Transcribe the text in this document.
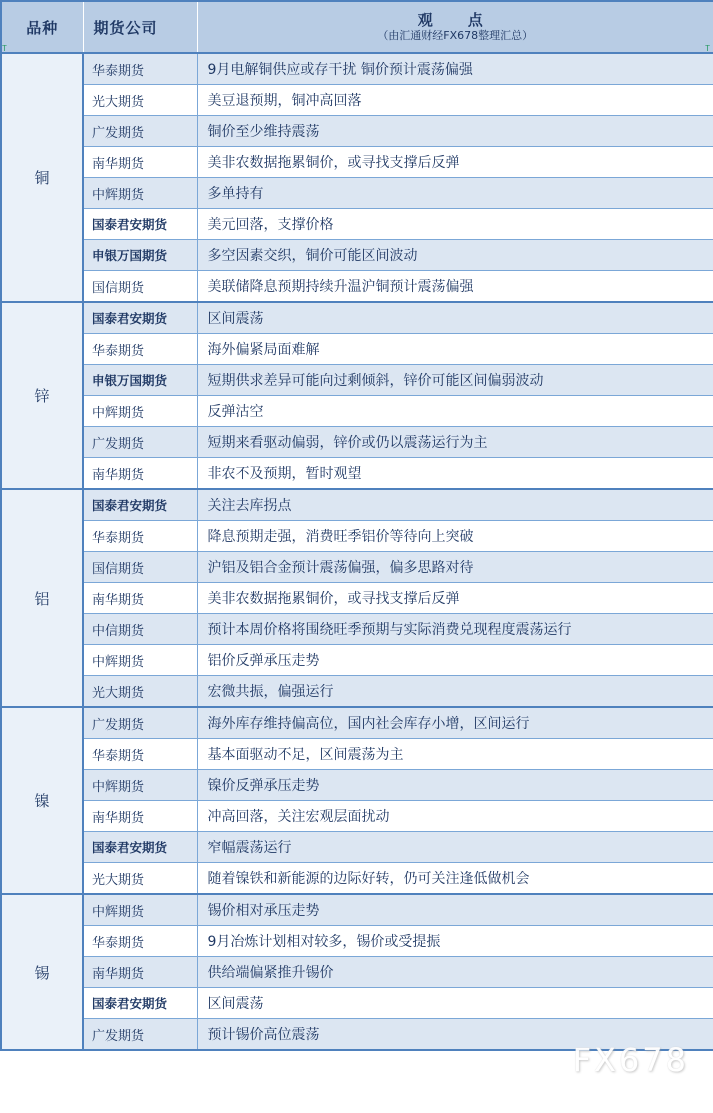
T	T
品种	期货公司	观　点
（由汇通财经FX678整理汇总）

铜	华泰期货	9月电解铜供应或存干扰 铜价预计震荡偏强
	光大期货	美豆退预期，铜冲高回落
	广发期货	铜价至少维持震荡
	南华期货	美非农数据拖累铜价，或寻找支撑后反弹
	中辉期货	多单持有
	国泰君安期货	美元回落，支撑价格
	申银万国期货	多空因素交织，铜价可能区间波动
	国信期货	美联储降息预期持续升温沪铜预计震荡偏强
锌	国泰君安期货	区间震荡
	华泰期货	海外偏紧局面难解
	申银万国期货	短期供求差异可能向过剩倾斜，锌价可能区间偏弱波动
	中辉期货	反弹沽空
	广发期货	短期来看驱动偏弱，锌价或仍以震荡运行为主
	南华期货	非农不及预期，暂时观望
铝	国泰君安期货	关注去库拐点
	华泰期货	降息预期走强，消费旺季铝价等待向上突破
	国信期货	沪铝及铝合金预计震荡偏强，偏多思路对待
	南华期货	美非农数据拖累铜价，或寻找支撑后反弹
	中信期货	预计本周价格将围绕旺季预期与实际消费兑现程度震荡运行
	中辉期货	铝价反弹承压走势
	光大期货	宏微共振，偏强运行
镍	广发期货	海外库存维持偏高位，国内社会库存小增，区间运行
	华泰期货	基本面驱动不足，区间震荡为主
	中辉期货	镍价反弹承压走势
	南华期货	冲高回落，关注宏观层面扰动
	国泰君安期货	窄幅震荡运行
	光大期货	随着镍铁和新能源的边际好转，仍可关注逢低做机会
锡	中辉期货	锡价相对承压走势
	华泰期货	9月冶炼计划相对较多，锡价或受提振
	南华期货	供给端偏紧推升锡价
	国泰君安期货	区间震荡
	广发期货	预计锡价高位震荡
FX678
